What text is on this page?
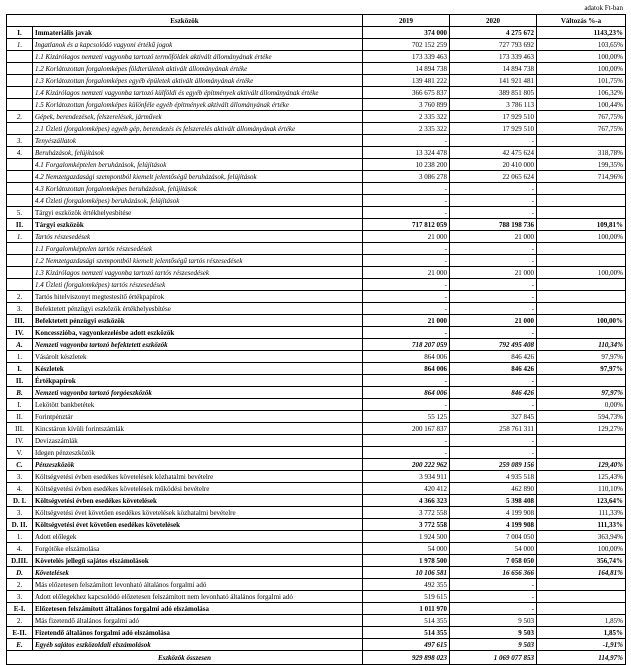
adatok Ft-ban
Eszközök		2019	2020	Változás %-a
I.	Immateriális javak	374 000	4 275 672	1143,23%
1.	Ingatlanok és a kapcsolódó vagyoni értékű jogok	702 152 259	727 793 692	103,65%
	1.1 Kizárólagos nemzeti vagyonba tartozó termőföldek aktivált állományának értéke	173 339 463	173 339 463	100,00%
	1.2 Korlátozottan forgalomképes földterületek aktivált állományának értéke	14 894 738	14 894 738	100,00%
	1.3 Korlátozottan forgalomképes egyéb épületek aktivált állományának értéke	139 481 222	141 921 481	101,75%
	1.4 Kizárólagos nemzeti vagyonba tartozó külföldi és egyéb építmények aktivált állományának értéke	366 675 837	389 851 805	106,32%
	1.5 Korlátozottan forgalomképes különféle egyéb építmények aktivált állományának értéke	3 760 899	3 786 113	100,44%
2.	Gépek, berendezések, felszerelések, járművek	2 335 322	17 929 510	767,75%
	2.1 Üzleti (forgalomképes) egyéb gép, berendezés és felszerelés aktivált állományának értéke	2 335 322	17 929 510	767,75%
3.	Tenyészállatok	-	-	
4.	Beruházások, felújítások	13 324 478	42 475 624	318,78%
	4.1 Forgalomképtelen beruházások, felújítások	10 238 200	20 410 000	199,35%
	4.2 Nemzetgazdasági szempontból kiemelt jelentőségű beruházások, felújítások	3 086 278	22 065 624	714,96%
	4.3 Korlátozottan forgalomképes beruházások, felújítások	-	-	
	4.4 Üzleti (forgalomképes) beruházások, felújítások	-	-	
5.	Tárgyi eszközök értékhelyesbítése	-	-	
II.	Tárgyi eszközök	717 812 059	788 198 736	109,81%
1.	Tartós részesedések	21 000	21 000	100,00%
	1.1 Forgalomképtelen tartós részesedések	-	-	
	1.2 Nemzetgazdasági szempontból kiemelt jelentőségű tartós részesedések	-	-	
	1.3 Kizárólagos nemzeti vagyonba tartozó tartós részesedések	21 000	21 000	100,00%
	1.4 Üzleti (forgalomképes) tartós részesedések	-	-	
2.	Tartós hitelviszonyt megtestesítő értékpapírok	-	-	
3.	Befektetett pénzügyi eszközök értékhelyesbítése	-	-	
III.	Befektetett pénzügyi eszközök	21 000	21 000	100,00%
IV.	Koncesszióba, vagyonkezelésbe adott eszközök	-	-	
A.	Nemzeti vagyonba tartozó befektetett eszközök	718 207 059	792 495 408	110,34%
1.	Vásárolt készletek	864 006	846 426	97,97%
I.	Készletek	864 006	846 426	97,97%
II.	Értékpapírok	-	-	
B.	Nemzeti vagyonba tartozó forgóeszközök	864 006	846 426	97,97%
I.	Lekötött bankbetétek	-	-	0,00%
II.	Forintpénztár	55 125	327 845	594,73%
III.	Kincstáron kívüli forintszámlák	200 167 837	258 761 311	129,27%
IV.	Devizaszámlák	-	-	
V.	Idegen pénzeszközök	-	-	
C.	Pénzeszközök	200 222 962	259 089 156	129,40%
3.	Költségvetési évben esedékes követelések közhatalmi bevételre	3 934 911	4 935 518	125,43%
4.	Költségvetési évben esedékes követelések működési bevételre	420 412	462 890	110,10%
D. I.	Költségvetési évben esedékes követelések	4 366 323	5 398 408	123,64%
3.	Költségvetési évet követően esedékes követelések közhatalmi bevételre	3 772 558	4 199 908	111,33%
D. II.	Költségvetési évet követően esedékes követelések	3 772 558	4 199 908	111,33%
1.	Adott előlegek	1 924 500	7 004 050	363,94%
4.	Forgótőke elszámolása	54 000	54 000	100,00%
D.III.	Követelés jellegű sajátos elszámolások	1 978 500	7 058 050	356,74%
D.	Követelések	10 106 581	16 656 366	164,81%
2.	Más előzetesen felszámított levonható általános forgalmi adó	492 355	-	
3.	Adott előlegekhez kapcsolódó előzetesen felszámított nem levonható általános forgalmi adó	519 615	-	
E-I.	Előzetesen felszámított általános forgalmi adó elszámolása	1 011 970	-	
2.	Más fizetendő általános forgalmi adó	514 355	9 503	1,85%
E-II.	Fizetendő általános forgalmi adó elszámolása	514 355	9 503	1,85%
E.	Egyéb sajátos eszközoldali elszámolások	497 615	9 503	-1,91%
Eszközök összesen		929 898 023	1 069 077 853	114,97%
